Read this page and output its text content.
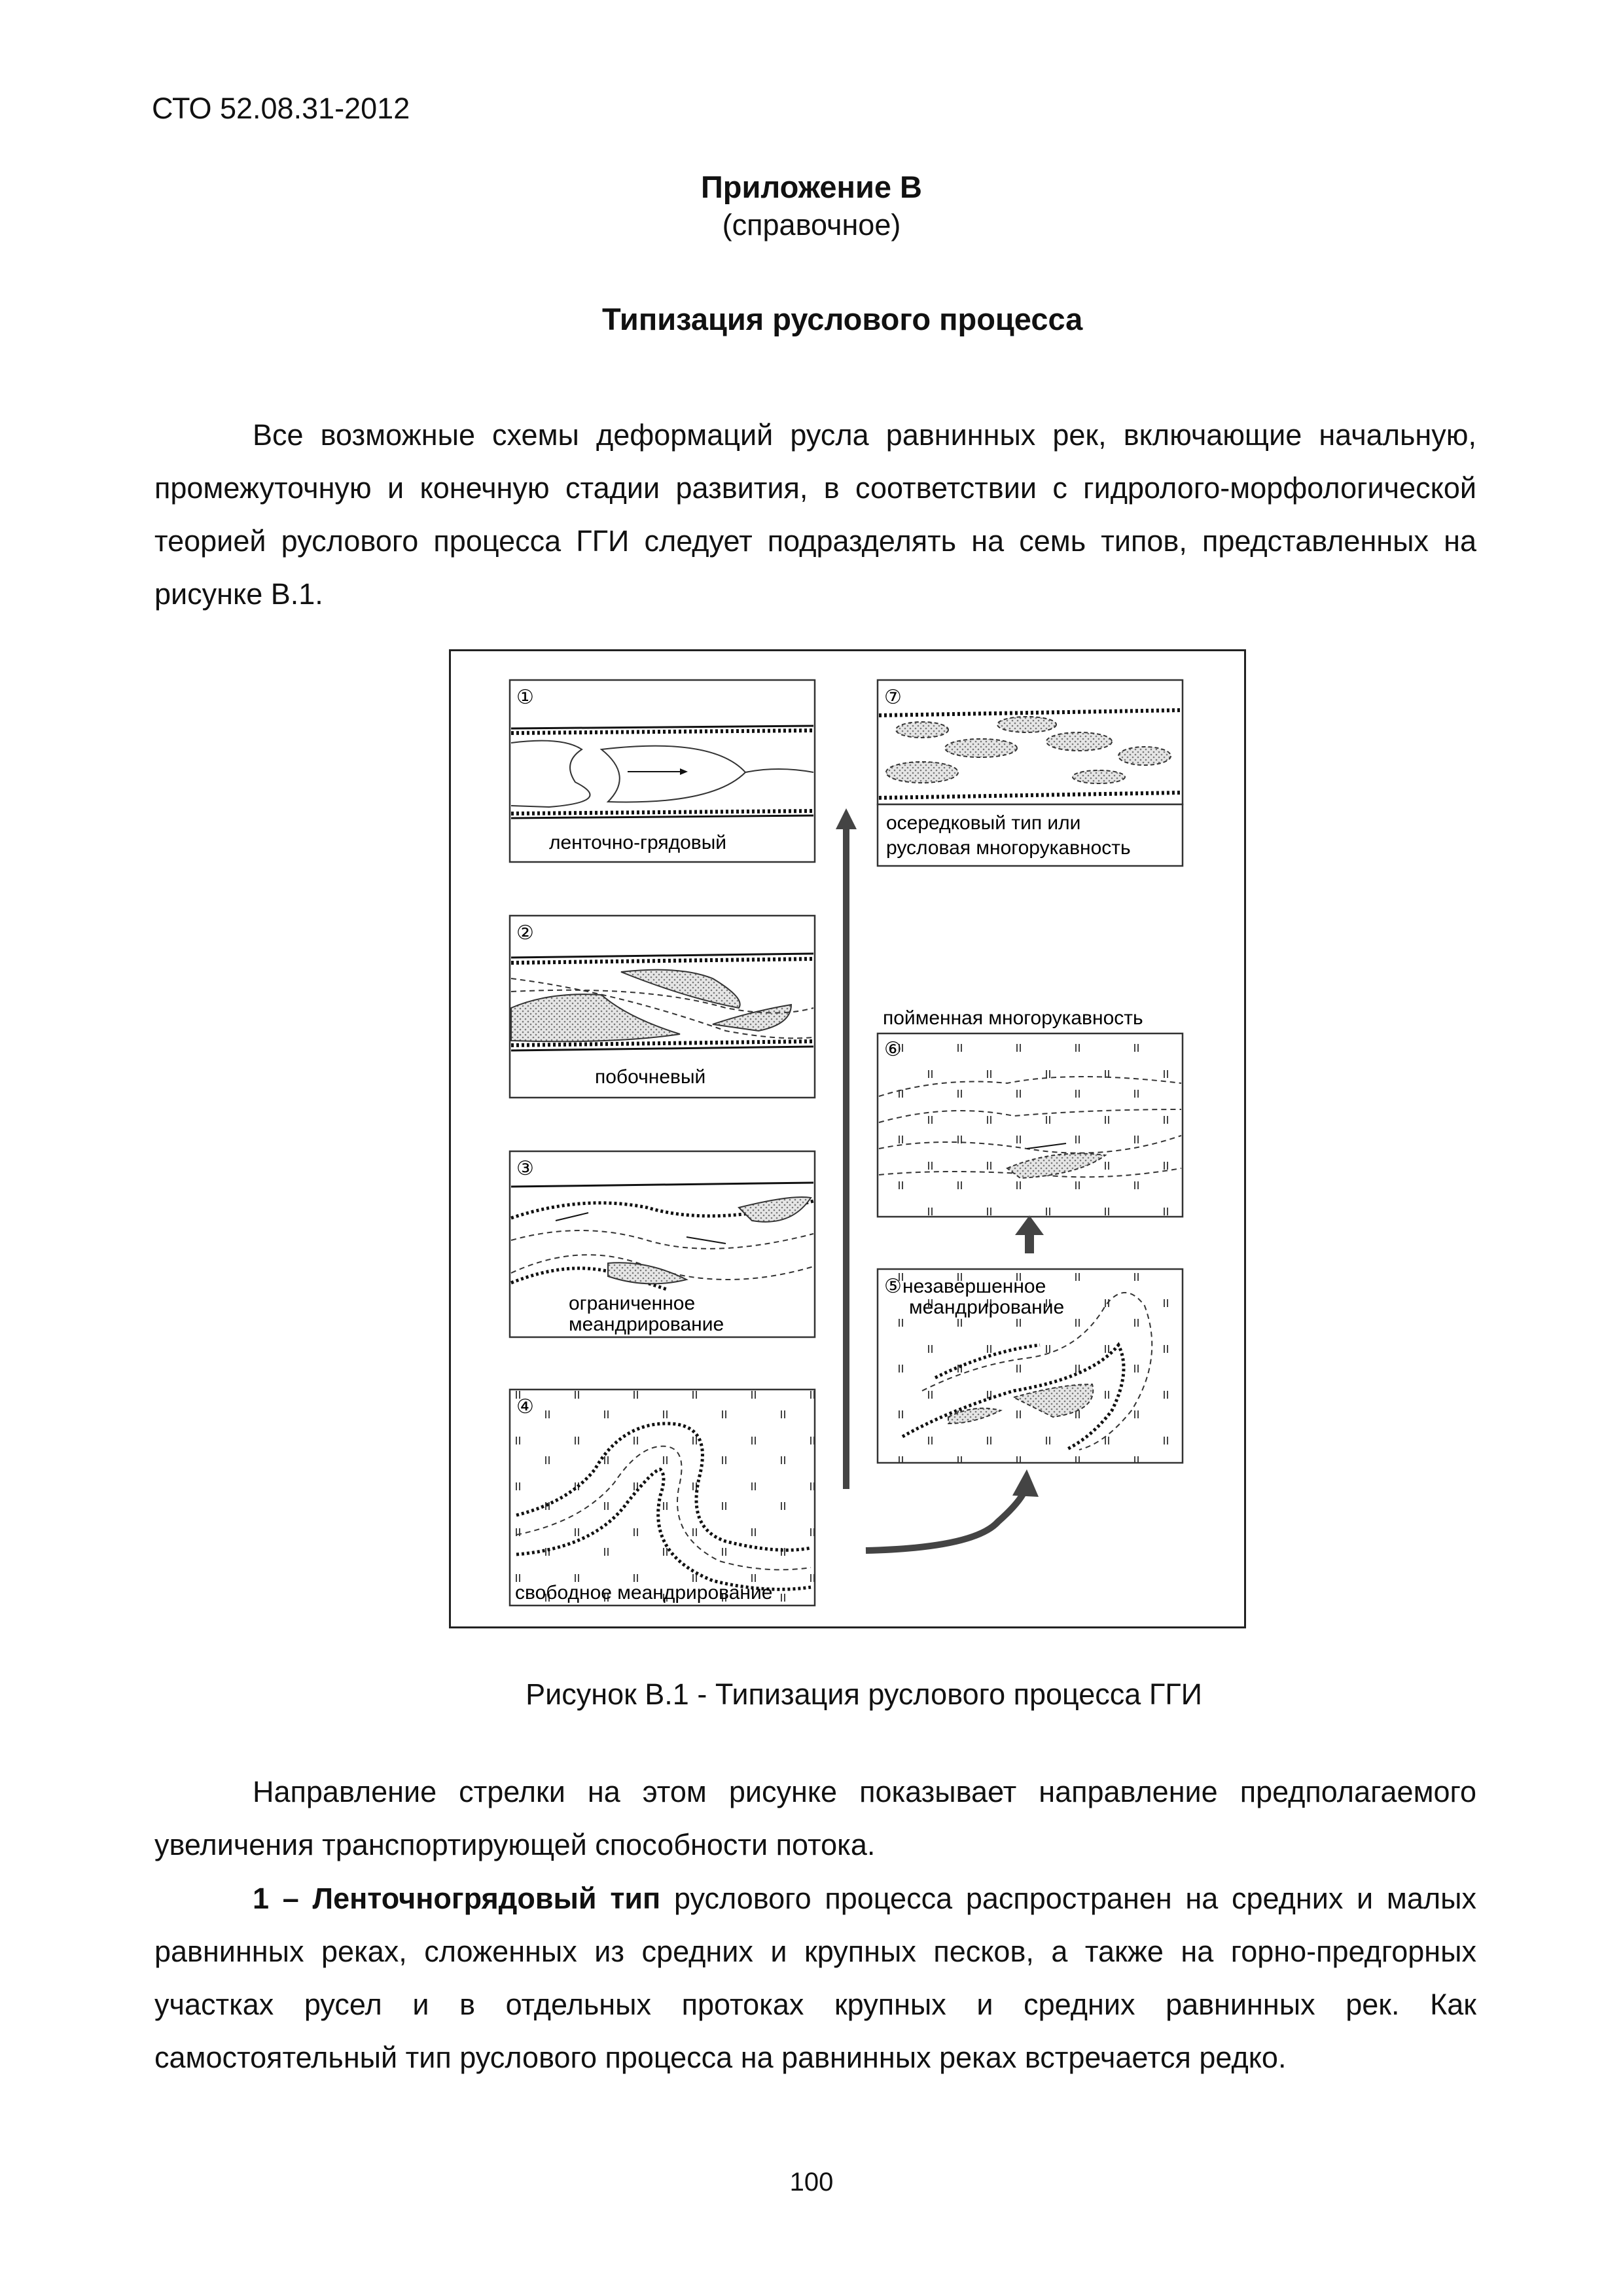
СТО 52.08.31-2012
Приложение В
(справочное)
Типизация руслового процесса

Все возможные схемы деформаций русла равнинных рек, включающие начальную, промежуточную и конечную стадии развития, в соответствии с гидролого-морфологической теорией руслового процесса ГГИ следует подразделять на семь типов, представленных на рисунке В.1.

①
ленточно-грядовый
②
побочневый
③
ограниченное
меандрирование
④
свободное меандрирование
⑦
осередковый тип или
русловая многорукавность
пойменная многорукавность
⑥
⑤ незавершенное
меандрирование
Рисунок В.1 - Типизация руслового процесса ГГИ

Направление стрелки на этом рисунке показывает направление предполагаемого увеличения транспортирующей способности потока.

1 – Ленточногрядовый тип руслового процесса распространен на средних и малых равнинных реках, сложенных из средних и крупных песков, а также на горно-предгорных участках русел и в отдельных протоках крупных и средних равнинных рек. Как самостоятельный тип руслового процесса на равнинных реках встречается редко.

100
